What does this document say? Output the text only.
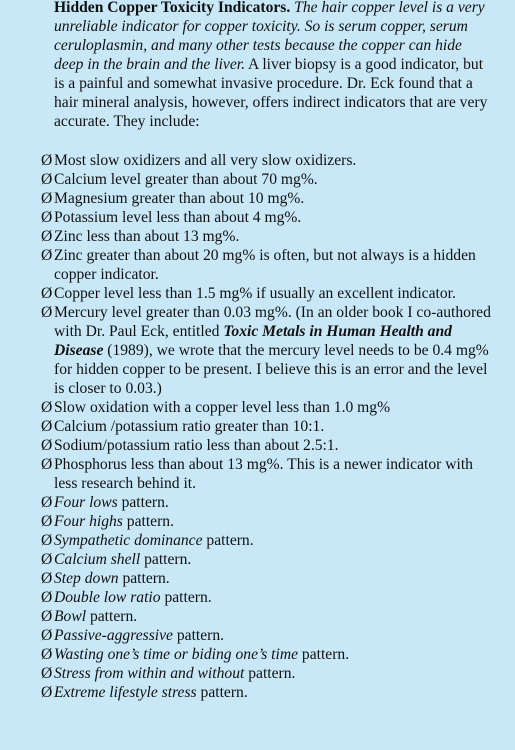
Hidden Copper Toxicity Indicators. The hair copper level is a very unreliable indicator for copper toxicity. So is serum copper, serum ceruloplasmin, and many other tests because the copper can hide deep in the brain and the liver. A liver biopsy is a good indicator, but is a painful and somewhat invasive procedure. Dr. Eck found that a hair mineral analysis, however, offers indirect indicators that are very accurate. They include:

Ø Most slow oxidizers and all very slow oxidizers.
Ø Calcium level greater than about 70 mg%.
Ø Magnesium greater than about 10 mg%.
Ø Potassium level less than about 4 mg%.
Ø Zinc less than about 13 mg%.
Ø Zinc greater than about 20 mg% is often, but not always is a hidden copper indicator.
Ø Copper level less than 1.5 mg% if usually an excellent indicator.
Ø Mercury level greater than 0.03 mg%. (In an older book I co-authored with Dr. Paul Eck, entitled Toxic Metals in Human Health and Disease (1989), we wrote that the mercury level needs to be 0.4 mg% for hidden copper to be present. I believe this is an error and the level is closer to 0.03.)
Ø Slow oxidation with a copper level less than 1.0 mg%
Ø Calcium /potassium ratio greater than 10:1.
Ø Sodium/potassium ratio less than about 2.5:1.
Ø Phosphorus less than about 13 mg%. This is a newer indicator with less research behind it.
Ø Four lows pattern.
Ø Four highs pattern.
Ø Sympathetic dominance pattern.
Ø Calcium shell pattern.
Ø Step down pattern.
Ø Double low ratio pattern.
Ø Bowl pattern.
Ø Passive-aggressive pattern.
Ø Wasting one’s time or biding one’s time pattern.
Ø Stress from within and without pattern.
Ø Extreme lifestyle stress pattern.
